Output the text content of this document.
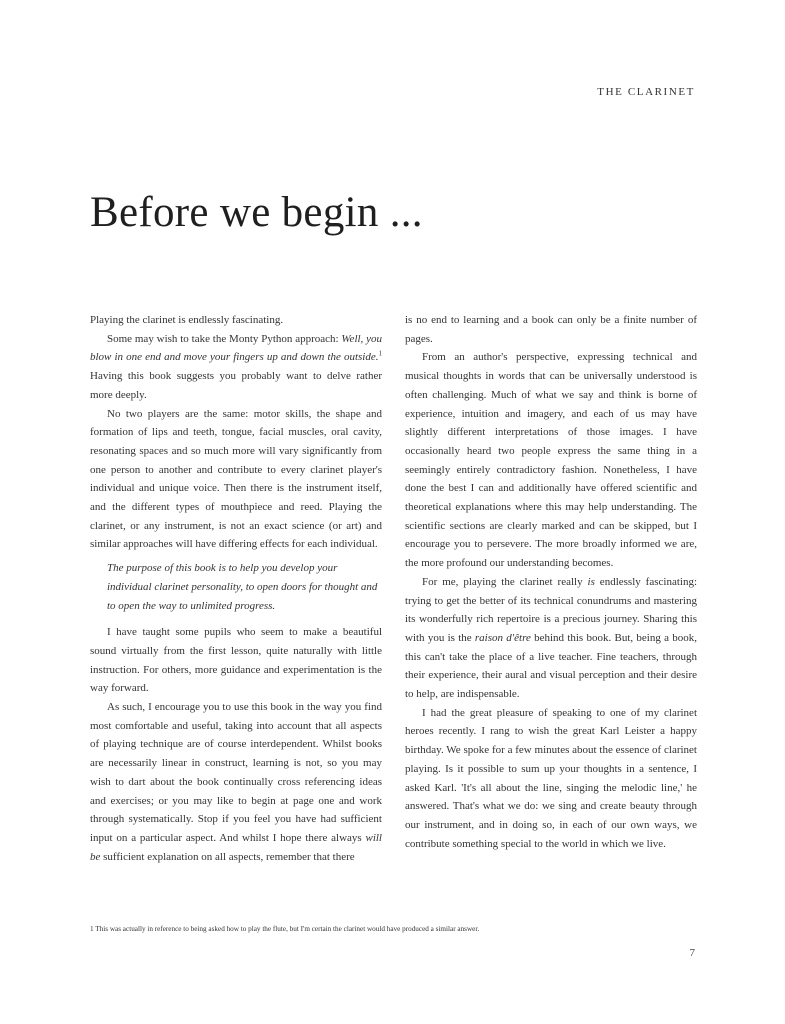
THE CLARINET
Before we begin ...

Playing the clarinet is endlessly fascinating.

Some may wish to take the Monty Python approach: Well, you blow in one end and move your fingers up and down the outside.$^1$ Having this book suggests you probably want to delve rather more deeply.

No two players are the same: motor skills, the shape and formation of lips and teeth, tongue, facial muscles, oral cavity, resonating spaces and so much more will vary significantly from one person to another and contribute to every clarinet player's individual and unique voice. Then there is the instrument itself, and the different types of mouthpiece and reed. Playing the clarinet, or any instrument, is not an exact science (or art) and similar approaches will have differing effects for each individual.

The purpose of this book is to help you develop your individual clarinet personality, to open doors for thought and to open the way to unlimited progress.

I have taught some pupils who seem to make a beautiful sound virtually from the first lesson, quite naturally with little instruction. For others, more guidance and experimentation is the way forward.

As such, I encourage you to use this book in the way you find most comfortable and useful, taking into account that all aspects of playing technique are of course interdependent. Whilst books are necessarily linear in construct, learning is not, so you may wish to dart about the book continually cross referencing ideas and exercises; or you may like to begin at page one and work through systematically. Stop if you feel you have had sufficient input on a particular aspect. And whilst I hope there always will be sufficient explanation on all aspects, remember that there

is no end to learning and a book can only be a finite number of pages.

From an author's perspective, expressing technical and musical thoughts in words that can be universally understood is often challenging. Much of what we say and think is borne of experience, intuition and imagery, and each of us may have slightly different interpretations of those images. I have occasionally heard two people express the same thing in a seemingly entirely contradictory fashion. Nonetheless, I have done the best I can and additionally have offered scientific and theoretical explanations where this may help understanding. The scientific sections are clearly marked and can be skipped, but I encourage you to persevere. The more broadly informed we are, the more profound our understanding becomes.

For me, playing the clarinet really is endlessly fascinating: trying to get the better of its technical conundrums and mastering its wonderfully rich repertoire is a precious journey. Sharing this with you is the raison d'être behind this book. But, being a book, this can't take the place of a live teacher. Fine teachers, through their experience, their aural and visual perception and their desire to help, are indispensable.

I had the great pleasure of speaking to one of my clarinet heroes recently. I rang to wish the great Karl Leister a happy birthday. We spoke for a few minutes about the essence of clarinet playing. Is it possible to sum up your thoughts in a sentence, I asked Karl. 'It's all about the line, singing the melodic line,' he answered. That's what we do: we sing and create beauty through our instrument, and in doing so, in each of our own ways, we contribute something special to the world in which we live.

1 This was actually in reference to being asked how to play the flute, but I'm certain the clarinet would have produced a similar answer.
7
